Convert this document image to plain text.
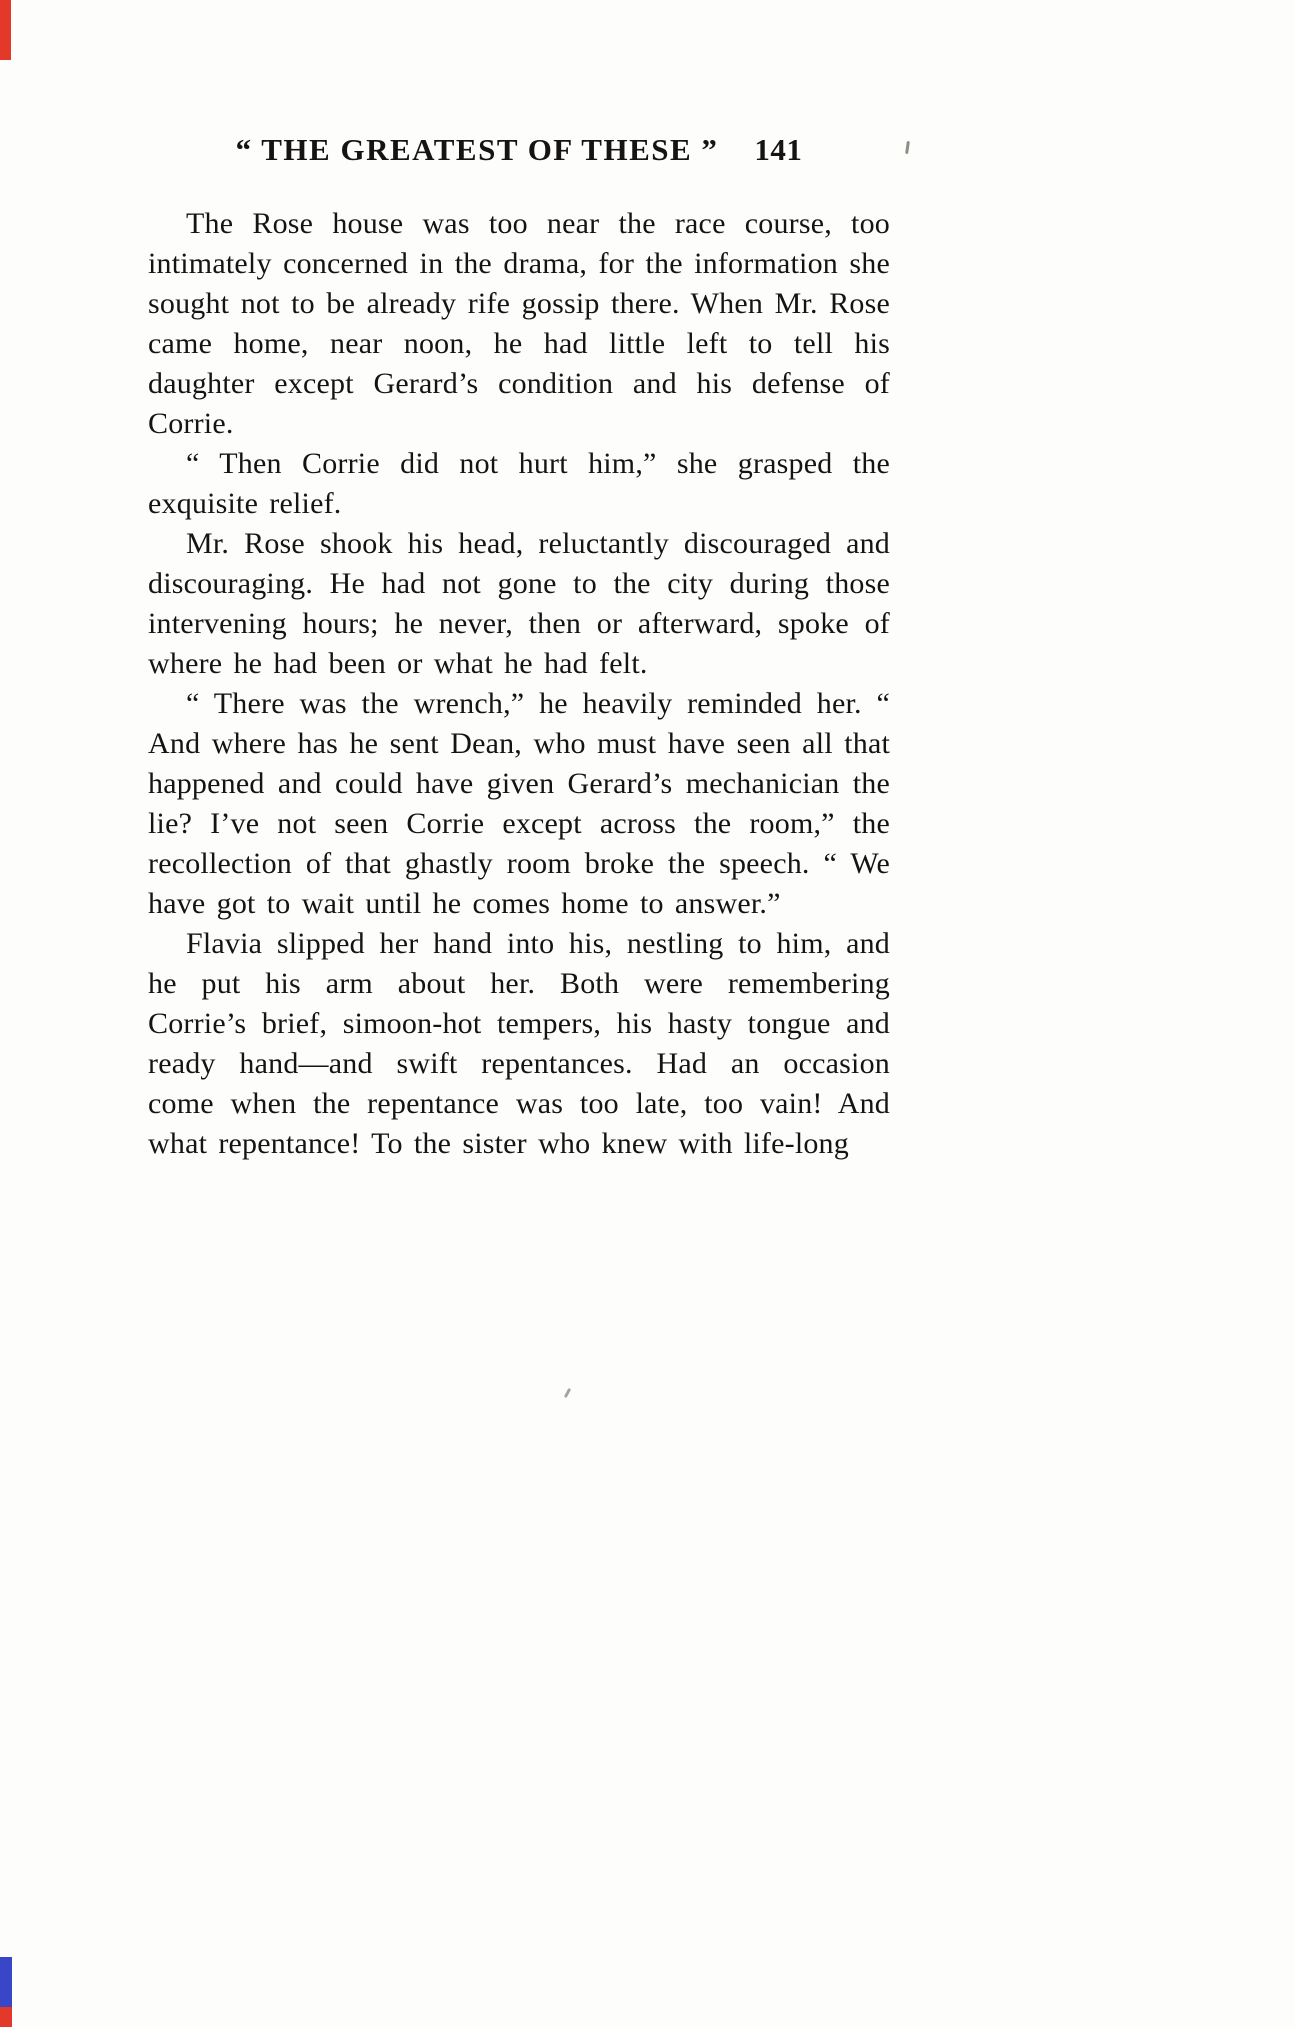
“ THE GREATEST OF THESE ” 141

The Rose house was too near the race course, too intimately concerned in the drama, for the information she sought not to be already rife gossip there. When Mr. Rose came home, near noon, he had little left to tell his daughter except Gerard’s condition and his defense of Corrie.

“ Then Corrie did not hurt him,” she grasped the exquisite relief.

Mr. Rose shook his head, reluctantly discouraged and discouraging. He had not gone to the city during those intervening hours; he never, then or afterward, spoke of where he had been or what he had felt.

“ There was the wrench,” he heavily reminded her. “ And where has he sent Dean, who must have seen all that happened and could have given Gerard’s mechanician the lie? I’ve not seen Corrie except across the room,” the recollection of that ghastly room broke the speech. “ We have got to wait until he comes home to answer.”

Flavia slipped her hand into his, nestling to him, and he put his arm about her. Both were remembering Corrie’s brief, simoon-hot tempers, his hasty tongue and ready hand—and swift repentances. Had an occasion come when the repentance was too late, too vain! And what repentance! To the sister who knew with life-long
